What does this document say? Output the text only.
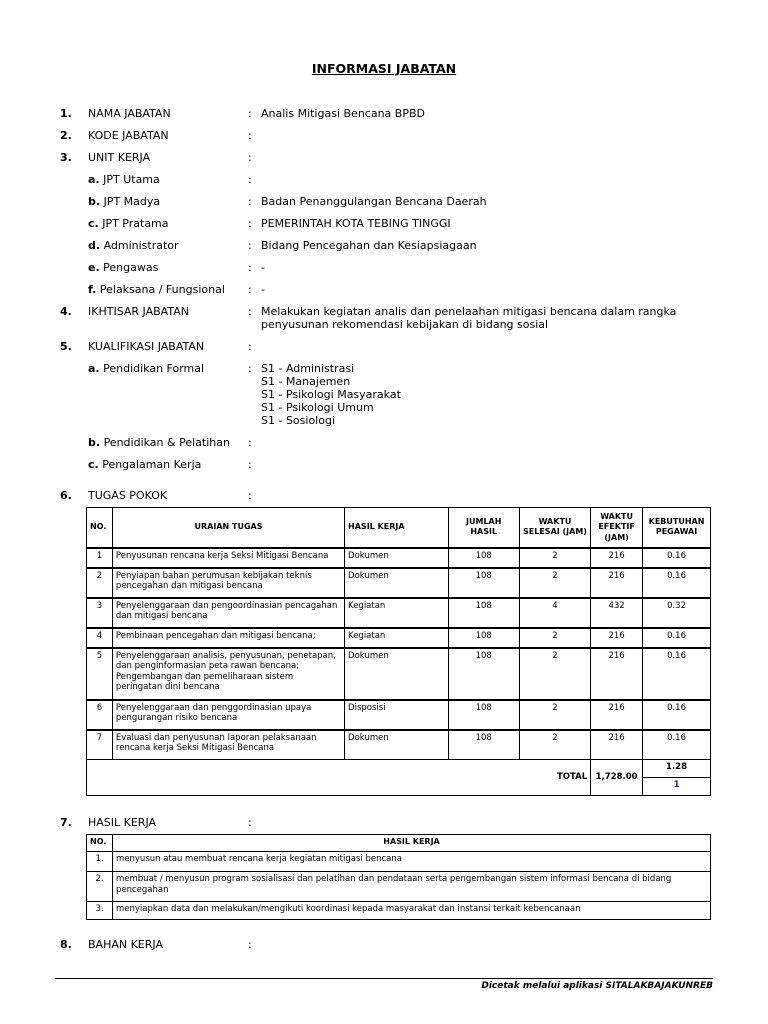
INFORMASI JABATAN
1. NAMA JABATAN	: Analis Mitigasi Bencana BPBD
2. KODE JABATAN	:
3. UNIT KERJA	:
a. JPT Utama	:
b. JPT Madya	: Badan Penanggulangan Bencana Daerah
c. JPT Pratama	: PEMERINTAH KOTA TEBING TINGGI
d. Administrator	: Bidang Pencegahan dan Kesiapsiagaan
e. Pengawas	: -
f. Pelaksana / Fungsional : -
4. IKHTISAR JABATAN	: Melakukan kegiatan analis dan penelaahan mitigasi bencana dalam rangka
penyusunan rekomendasi kebijakan di bidang sosial
5. KUALIFIKASI JABATAN	:
a. Pendidikan Formal	: S1 - Administrasi
S1 - Manajemen
S1 - Psikologi Masyarakat
S1 - Psikologi Umum
S1 - Sosiologi
b. Pendidikan & Pelatihan :
c. Pengalaman Kerja	:
6. TUGAS POKOK	:
NO.	URAIAN TUGAS	HASIL KERJA	JUMLAH HASIL	WAKTU SELESAI (JAM)	WAKTU EFEKTIF (JAM)	KEBUTUHAN PEGAWAI
1	Penyusunan rencana kerja Seksi Mitigasi Bencana	Dokumen	108	2	216	0.16
2	Penyiapan bahan perumusan kebijakan teknis pencegahan dan mitigasi bencana	Dokumen	108	2	216	0.16
3	Penyelenggaraan dan pengoordinasian pencagahan dan mitigasi bencana	Kegiatan	108	4	432	0.32
4	Pembinaan pencegahan dan mitigasi bencana;	Kegiatan	108	2	216	0.16
5	Penyelenggaraan analisis, penyusunan, penetapan, dan penginformasian peta rawan bencana; Pengembangan dan pemeliharaan sistem peringatan dini bencana	Dokumen	108	2	216	0.16
6	Penyelenggaraan dan penggordinasian upaya pengurangan risiko bencana	Disposisi	108	2	216	0.16
7	Evaluasi dan penyusunan laporan pelaksanaan rencana kerja Seksi Mitigasi Bencana	Dokumen	108	2	216	0.16
TOTAL					1,728.00	1.28
						1
7. HASIL KERJA	:
NO.	HASIL KERJA
1.	menyusun atau membuat rencana kerja kegiatan mitigasi bencana
2.	membuat / menyusun program sosialisasi dan pelatihan dan pendataan serta pengembangan sistem informasi bencana di bidang pencegahan
3.	menyiapkan data dan melakukan/mengikuti koordinasi kepada masyarakat dan instansi terkait kebencanaan
8. BAHAN KERJA	:
Dicetak melalui aplikasi SITALAKBAJAKUNREB
